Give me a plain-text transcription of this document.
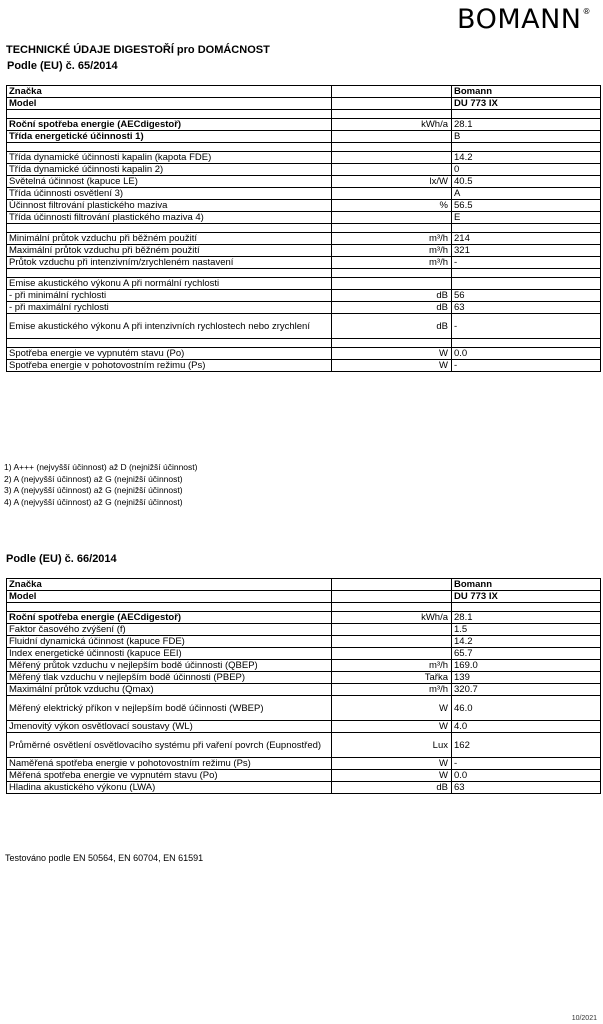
BOMANN®
TECHNICKÉ ÚDAJE DIGESTOŘÍ pro DOMÁCNOST
Podle (EU) č. 65/2014
Značka		Bomann
Model		DU 773 IX

Roční spotřeba energie (AECdigestoř)	kWh/a	28.1
Třída energetické účinnosti 1)		B

Třída dynamické účinnosti kapalin (kapota FDE)		14.2
Třída dynamické účinnosti kapalin 2)		0
Světelná účinnost (kapuce LE)	lx/W	40.5
Třída účinnosti osvětlení 3)		A
Účinnost filtrování plastického maziva	%	56.5
Třída účinnosti filtrování plastického maziva 4)		E

Minimální průtok vzduchu při běžném použití	m³/h	214
Maximální průtok vzduchu při běžném použití	m³/h	321
Průtok vzduchu při intenzivním/zrychleném nastavení	m³/h	-

Emise akustického výkonu A při normální rychlosti		
- při minimální rychlosti	dB	56
- při maximální rychlosti	dB	63
Emise akustického výkonu A při intenzivních rychlostech nebo zrychlení	dB	-

Spotřeba energie ve vypnutém stavu (Po)	W	0.0
Spotřeba energie v pohotovostním režimu (Ps)	W	-
1) A+++ (nejvyšší účinnost) až D (nejnižší účinnost)
2) A (nejvyšší účinnost) až G (nejnižší účinnost)
3) A (nejvyšší účinnost) až G (nejnižší účinnost)
4) A (nejvyšší účinnost) až G (nejnižší účinnost)
Podle (EU) č. 66/2014
Značka		Bomann
Model		DU 773 IX

Roční spotřeba energie (AECdigestoř)	kWh/a	28.1
Faktor časového zvýšení (f)		1.5
Fluidní dynamická účinnost (kapuce FDE)		14.2
Index energetické účinnosti (kapuce EEI)		65.7
Měřený průtok vzduchu v nejlepším bodě účinnosti (QBEP)	m³/h	169.0
Měřený tlak vzduchu v nejlepším bodě účinnosti (PBEP)	Tařka	139
Maximální průtok vzduchu (Qmax)	m³/h	320.7
Měřený elektrický příkon v nejlepším bodě účinnosti (WBEP)	W	46.0
Jmenovitý výkon osvětlovací soustavy (WL)	W	4.0
Průměrné osvětlení osvětlovacího systému při vaření povrch (Eupnostřed)	Lux	162
Naměřená spotřeba energie v pohotovostním režimu (Ps)	W	-
Měřená spotřeba energie ve vypnutém stavu (Po)	W	0.0
Hladina akustického výkonu (LWA)	dB	63
Testováno podle EN 50564, EN 60704, EN 61591
10/2021
